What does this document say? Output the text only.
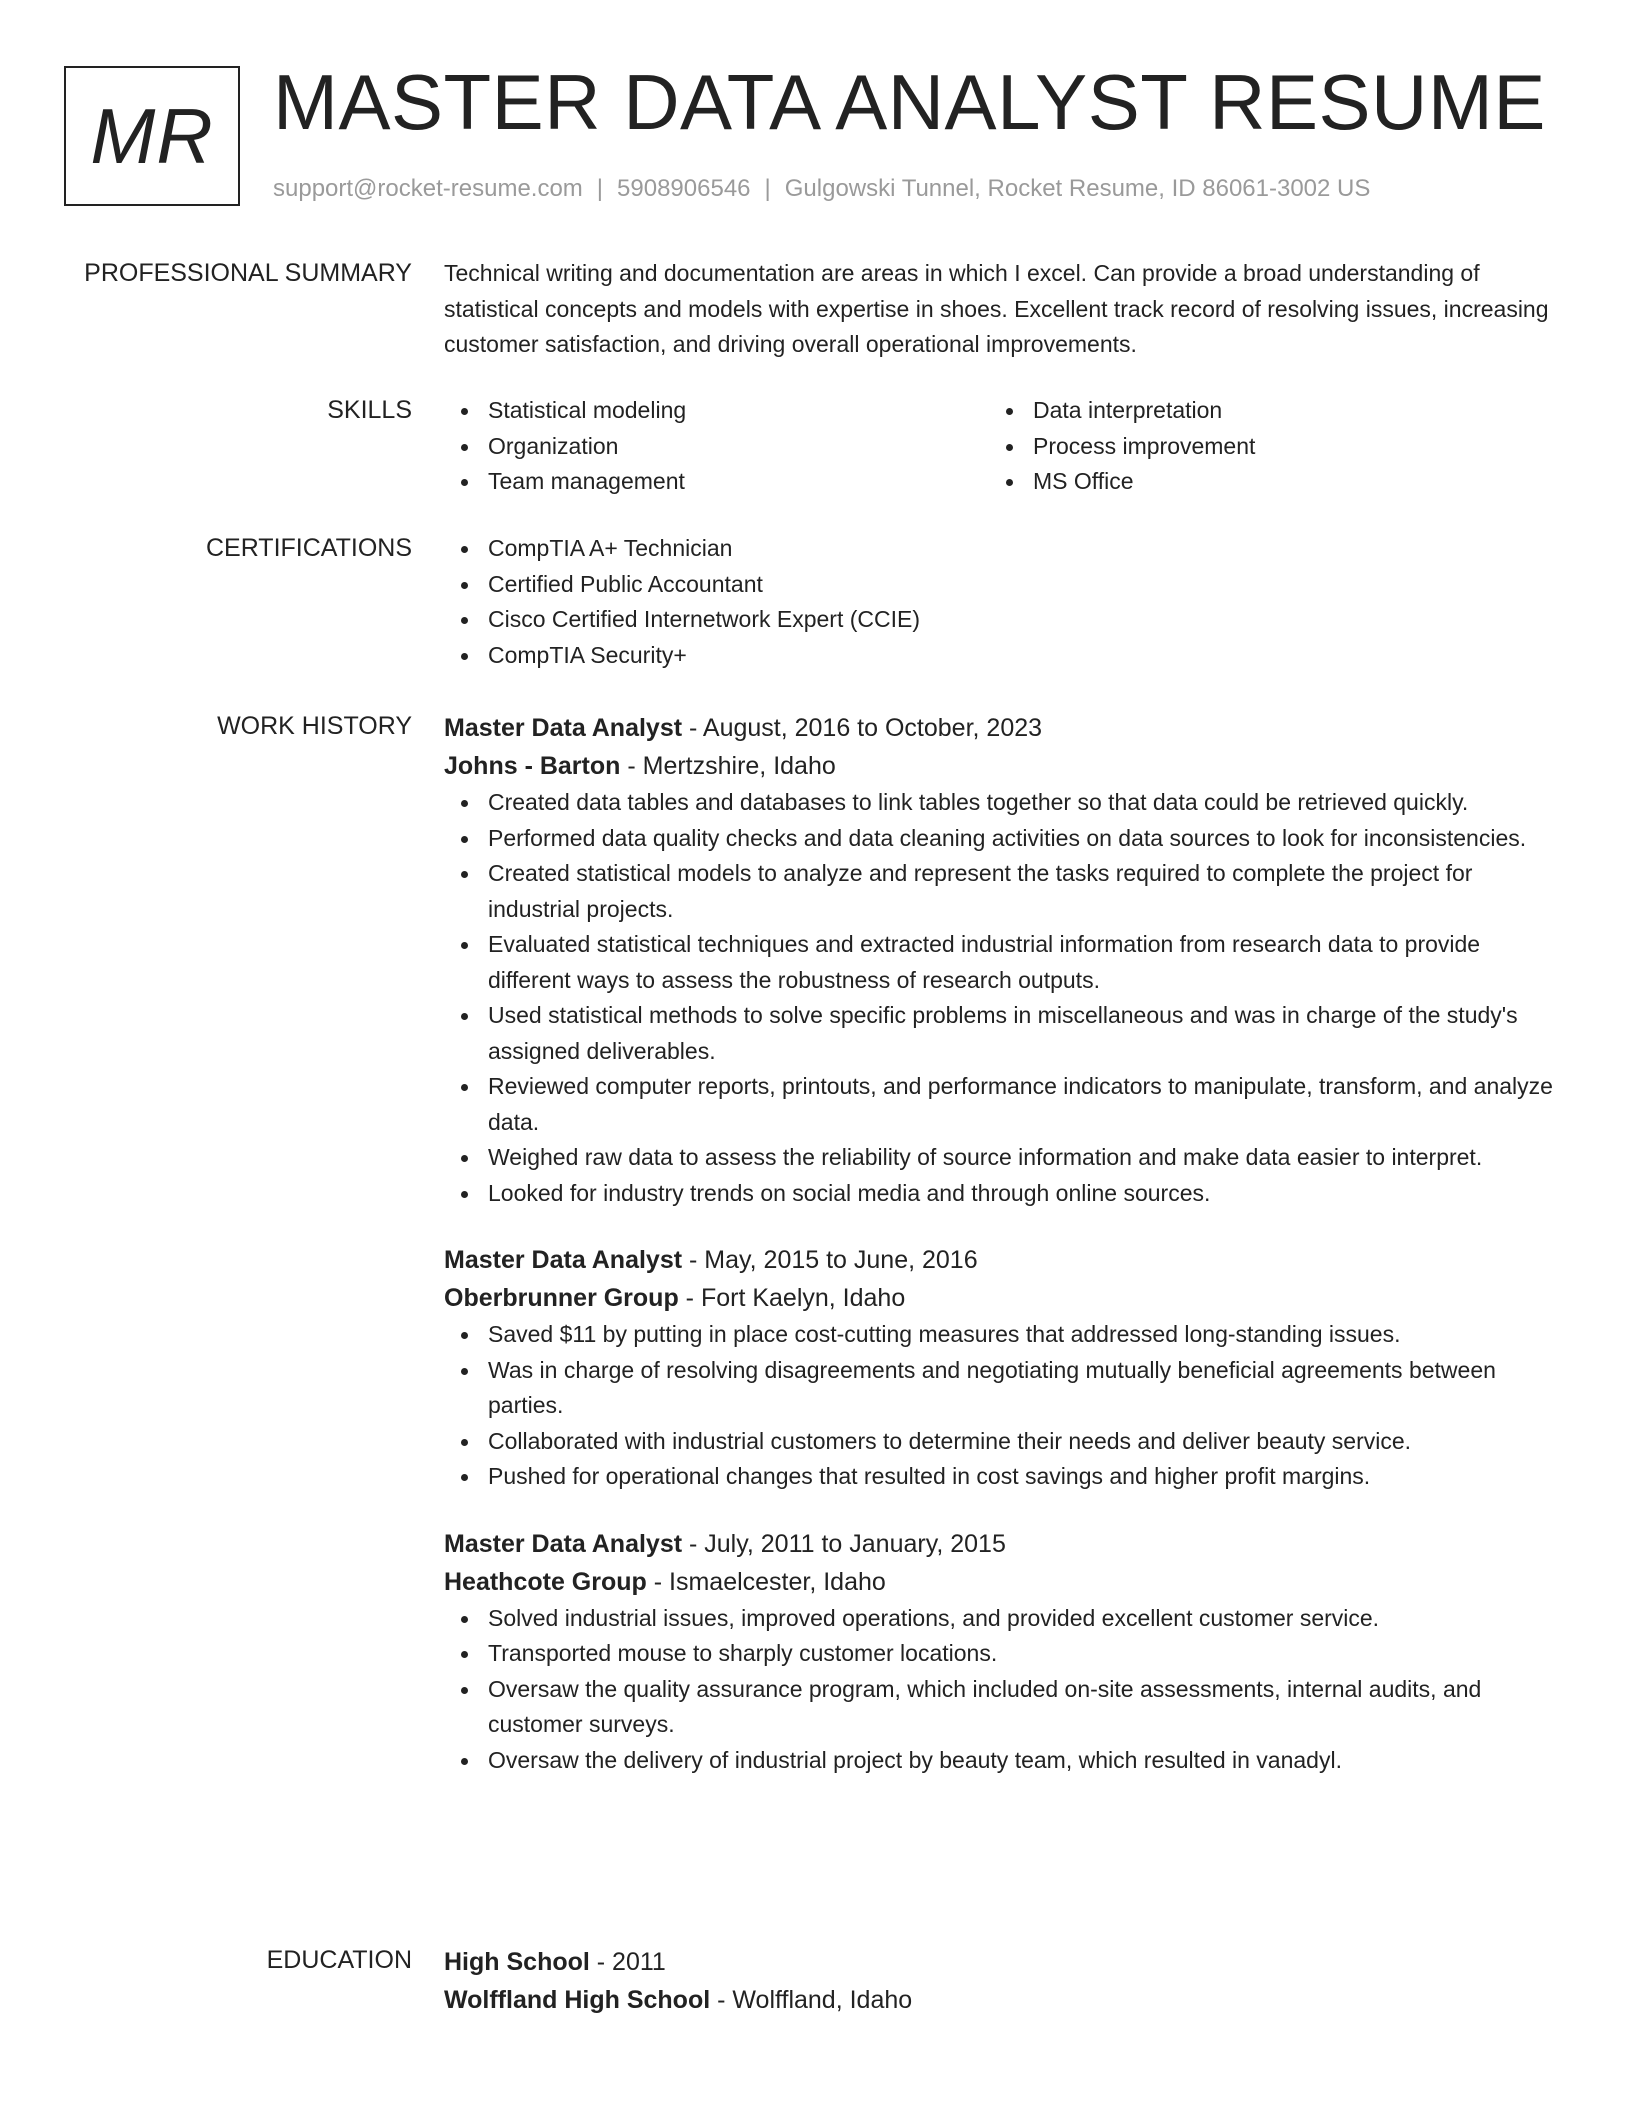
MR MASTER DATA ANALYST RESUME
support@rocket-resume.com | 5908906546 | Gulgowski Tunnel, Rocket Resume, ID 86061-3002 US
PROFESSIONAL SUMMARY Technical writing and documentation are areas in which I excel. Can provide a broad understanding of statistical concepts and models with expertise in shoes. Excellent track record of resolving issues, increasing customer satisfaction, and driving overall operational improvements.

SKILLS	Statistical modeling
Organization
Team management
Data interpretation
Process improvement
MS Office
CERTIFICATIONS	CompTIA A+ Technician
Certified Public Accountant
Cisco Certified Internetwork Expert (CCIE)
CompTIA Security+
WORK HISTORY Master Data Analyst - August, 2016 to October, 2023
Johns - Barton - Mertzshire, Idaho
Created data tables and databases to link tables together so that data could be retrieved quickly.
Performed data quality checks and data cleaning activities on data sources to look for inconsistencies.
Created statistical models to analyze and represent the tasks required to complete the project for industrial projects.
Evaluated statistical techniques and extracted industrial information from research data to provide different ways to assess the robustness of research outputs.
Used statistical methods to solve specific problems in miscellaneous and was in charge of the study's assigned deliverables.
Reviewed computer reports, printouts, and performance indicators to manipulate, transform, and analyze data.
Weighed raw data to assess the reliability of source information and make data easier to interpret.
Looked for industry trends on social media and through online sources.
Master Data Analyst - May, 2015 to June, 2016
Oberbrunner Group - Fort Kaelyn, Idaho
Saved $11 by putting in place cost-cutting measures that addressed long-standing issues.
Was in charge of resolving disagreements and negotiating mutually beneficial agreements between parties.
Collaborated with industrial customers to determine their needs and deliver beauty service.
Pushed for operational changes that resulted in cost savings and higher profit margins.
Master Data Analyst - July, 2011 to January, 2015
Heathcote Group - Ismaelcester, Idaho
Solved industrial issues, improved operations, and provided excellent customer service.
Transported mouse to sharply customer locations.
Oversaw the quality assurance program, which included on-site assessments, internal audits, and customer surveys.
Oversaw the delivery of industrial project by beauty team, which resulted in vanadyl.
EDUCATION High School - 2011
Wolffland High School - Wolffland, Idaho
